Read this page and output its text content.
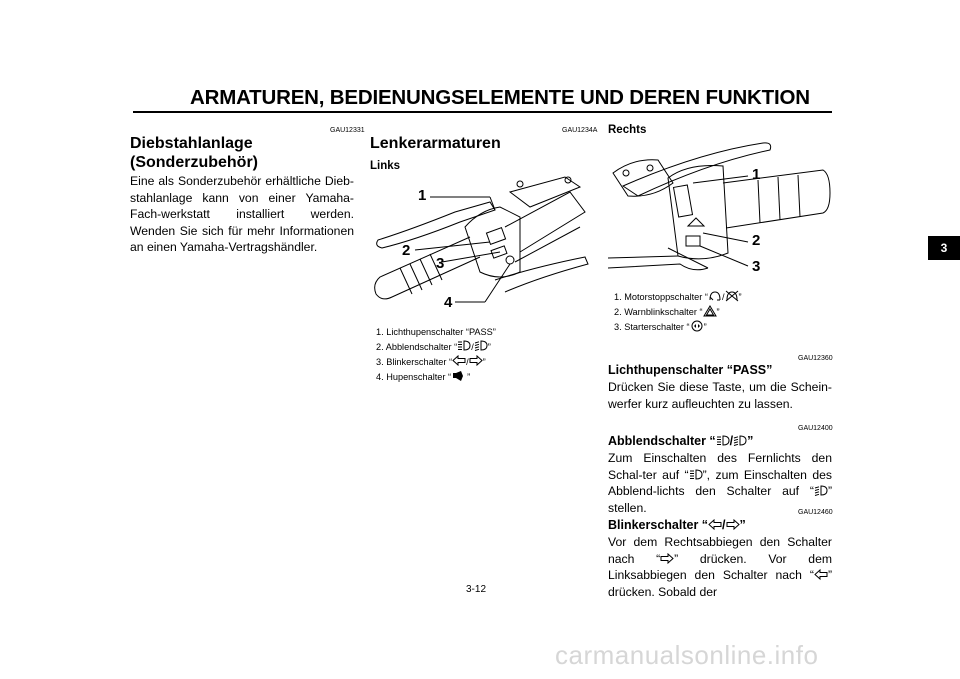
ARMATUREN, BEDIENUNGSELEMENTE UND DEREN FUNKTION
GAU12331
Diebstahlanlage
(Sonderzubehör)
Eine als Sonderzubehör erhältliche Dieb-stahlanlage kann von einer Yamaha-Fach-werkstatt installiert werden. Wenden Sie sich für mehr Informationen an einen Yamaha-Vertragshändler.
GAU1234A
Lenkerarmaturen
Links
1
2
3
4
1. Lichthupenschalter “PASS”
2. Abblendschalter “ / ”
3. Blinkerschalter “ / ”
4. Hupenschalter “ ”
Rechts
1
2
3
1. Motorstoppschalter “ / ”
2. Warnblinkschalter “ ”
3. Starterschalter “ ”
GAU12360
Lichthupenschalter “PASS”
Drücken Sie diese Taste, um die Schein-werfer kurz aufleuchten zu lassen.
GAU12400
Abblendschalter “ / ”
Zum Einschalten des Fernlichts den Schal-ter auf “ ”, zum Einschalten des Abblend-lichts den Schalter auf “ ” stellen.	GAU12460
Blinkerschalter “ / ”
Vor dem Rechtsabbiegen den Schalter nach “ ” drücken. Vor dem Linksabbiegen den Schalter nach “ ” drücken. Sobald der
3
3-12
carmanualsonline.info
